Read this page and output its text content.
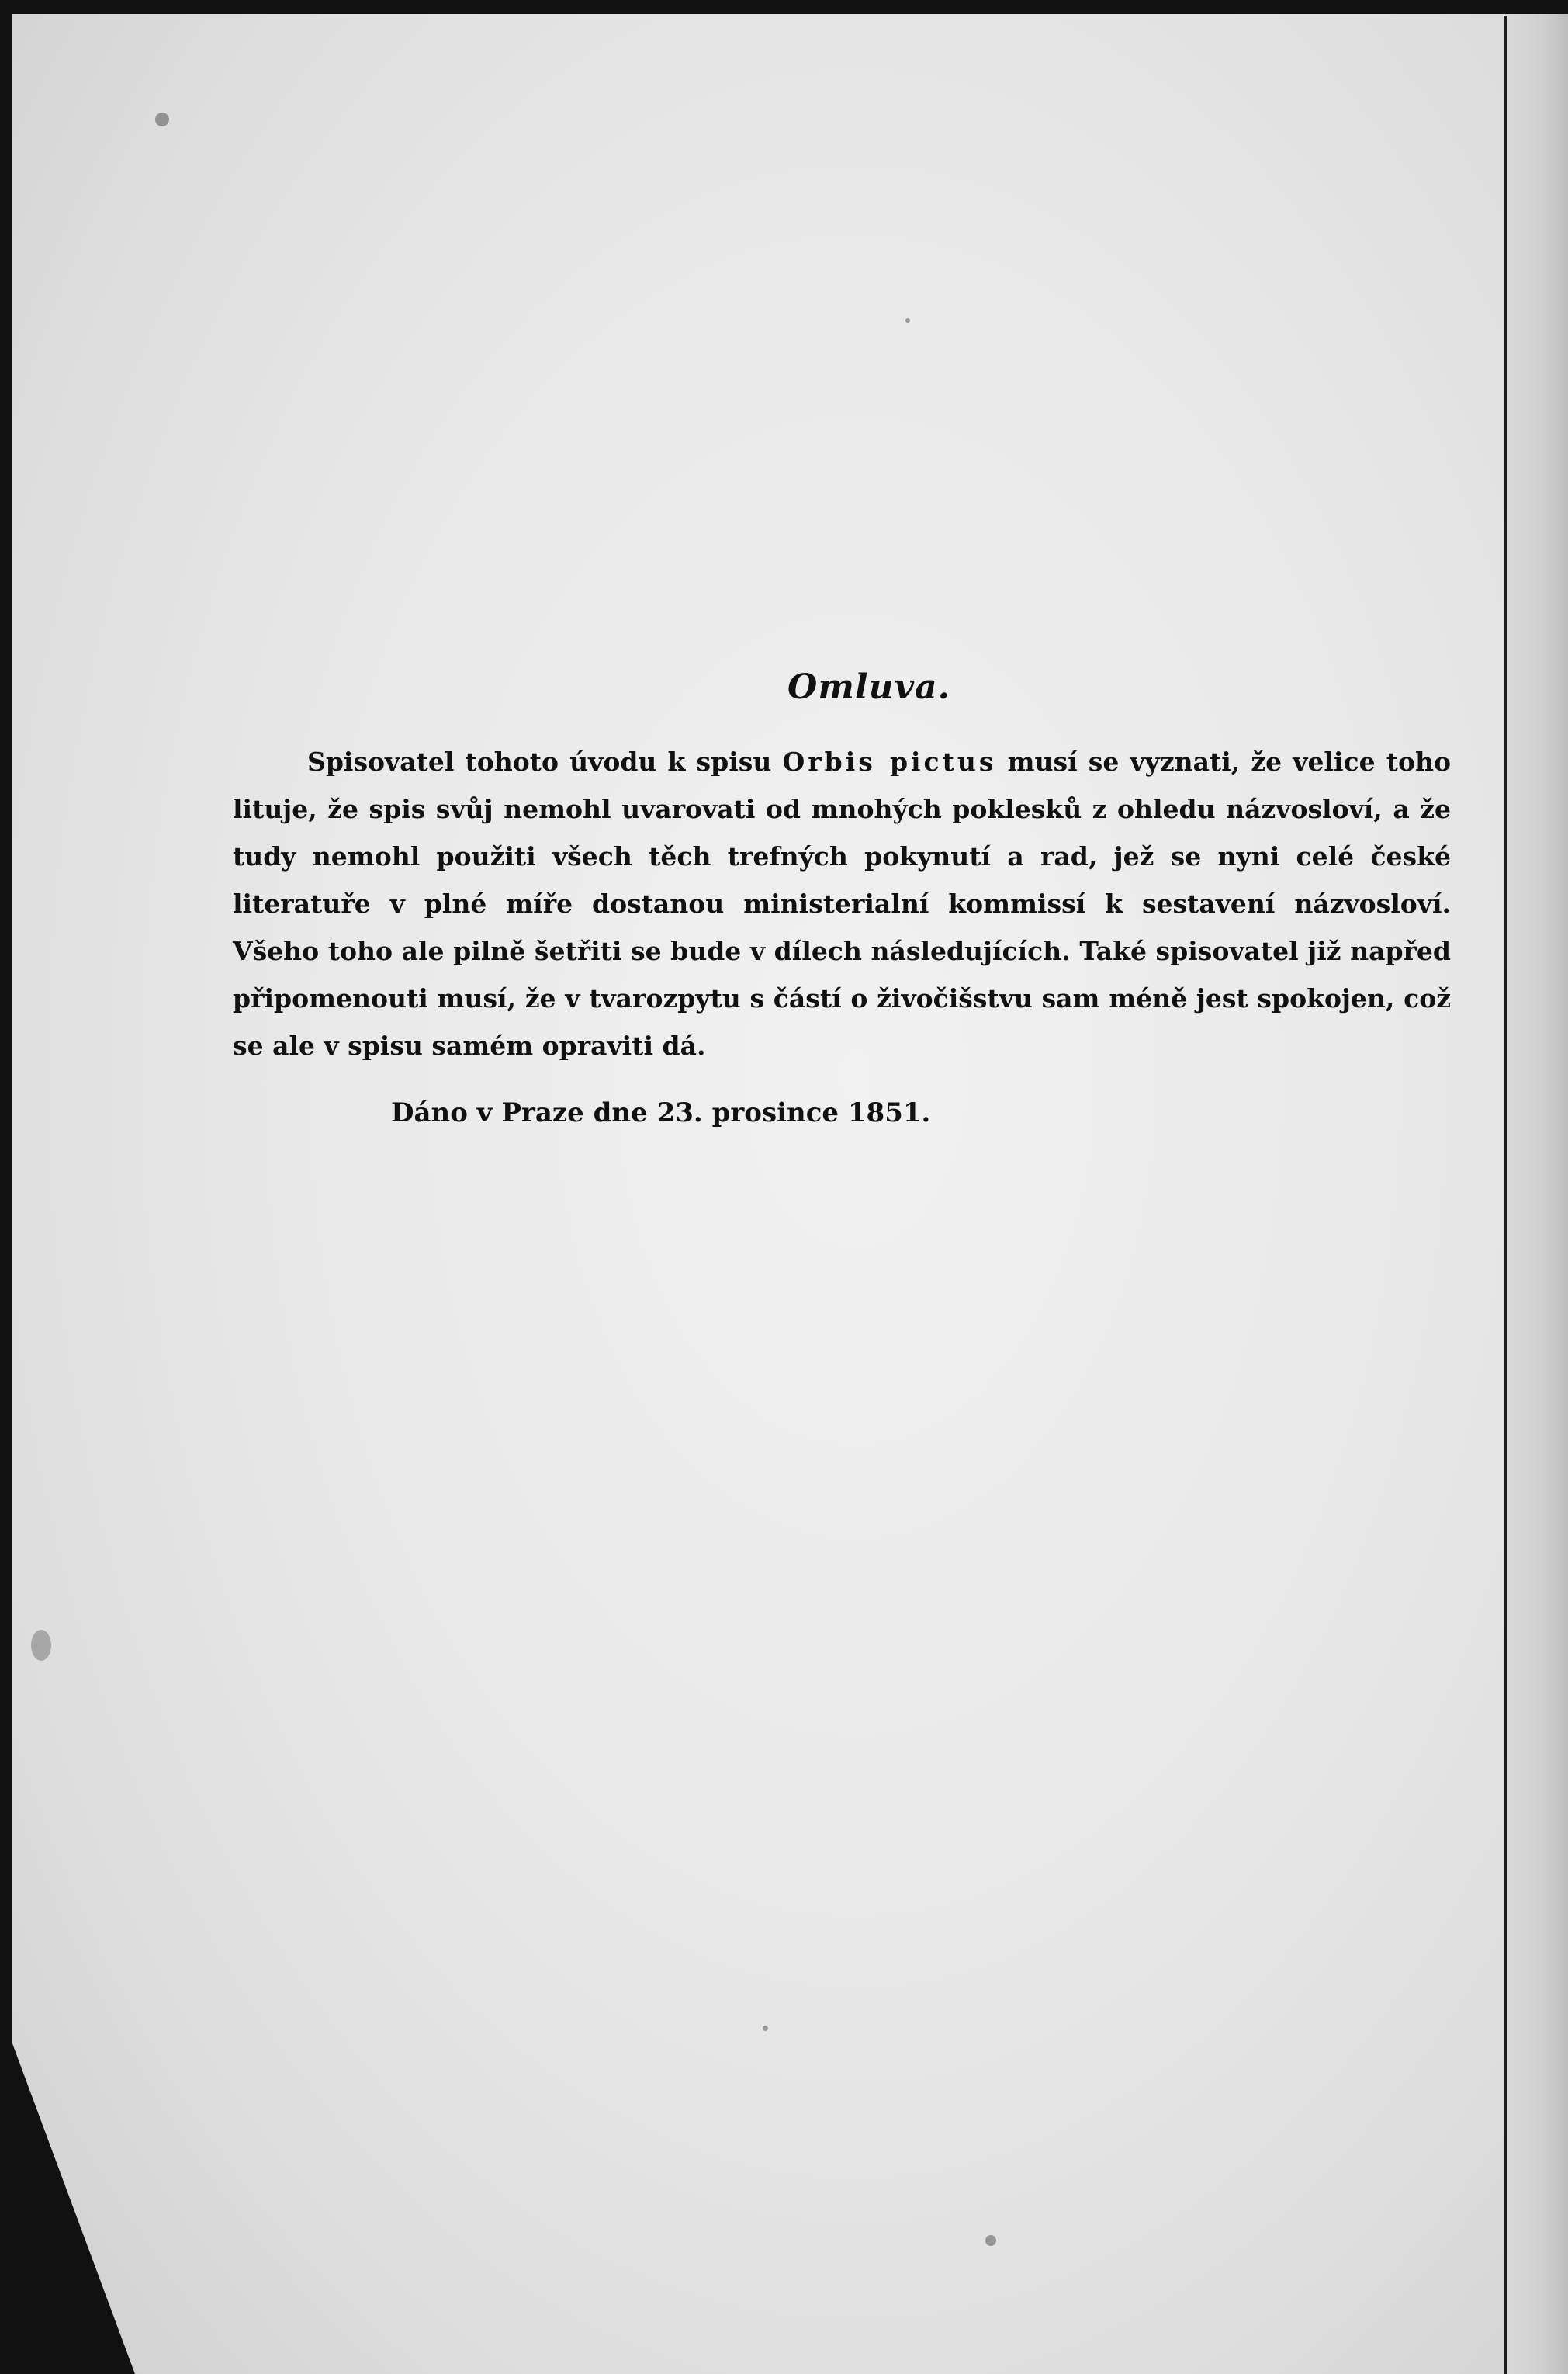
Omluva.

Spisovatel tohoto úvodu k spisu Orbis pictus musí se vyznati, že velice toho lituje, že spis svůj nemohl uvarovati od mnohých poklesků z ohledu názvosloví, a že tudy nemohl použiti všech těch trefných pokynutí a rad, jež se nyni celé české literatuře v plné míře dostanou ministerialní kommissí k sestavení názvosloví. Všeho toho ale pilně šetřiti se bude v dílech následujících. Také spisovatel již napřed připomenouti musí, že v tvarozpytu s částí o živočišstvu sam méně jest spokojen, což se ale v spisu samém opraviti dá.

Dáno v Praze dne 23. prosince 1851.
